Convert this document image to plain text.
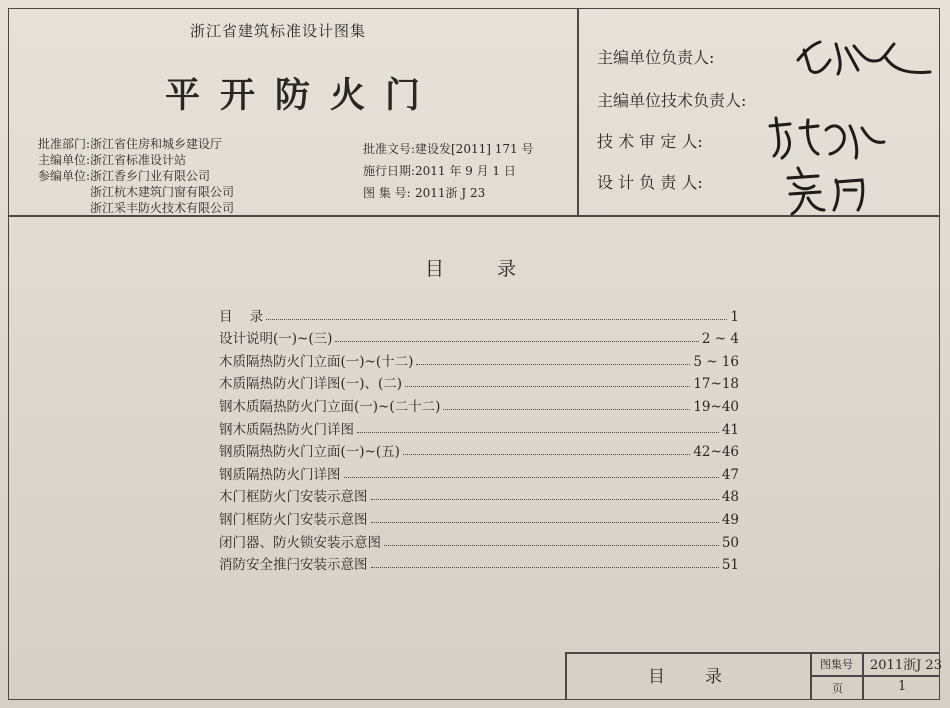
浙江省建筑标准设计图集
平开防火门
批准部门:浙江省住房和城乡建设厅
主编单位:浙江省标准设计站
参编单位:浙江香乡门业有限公司
浙江杭木建筑门窗有限公司
浙江采丰防火技术有限公司
批准文号:建设发[2011] 171 号
施行日期:2011 年 9 月 1 日
图 集 号: 2011浙 J 23
主编单位负责人:
主编单位技术负责人:
技 术 审 定 人:
设 计 负 责 人:
目	录
目    录	1
设计说明(一)~(三)	2 ~ 4
木质隔热防火门立面(一)~(十二)	5 ~ 16
木质隔热防火门详图(一)、(二)	17~18
钢木质隔热防火门立面(一)~(二十二)	19~40
钢木质隔热防火门详图	41
钢质隔热防火门立面(一)~(五)	42~46
钢质隔热防火门详图	47
木门框防火门安装示意图	48
钢门框防火门安装示意图	49
闭门器、防火锁安装示意图	50
消防安全推闩安装示意图	51
目 录
图集号 2011浙J 23
页	1
